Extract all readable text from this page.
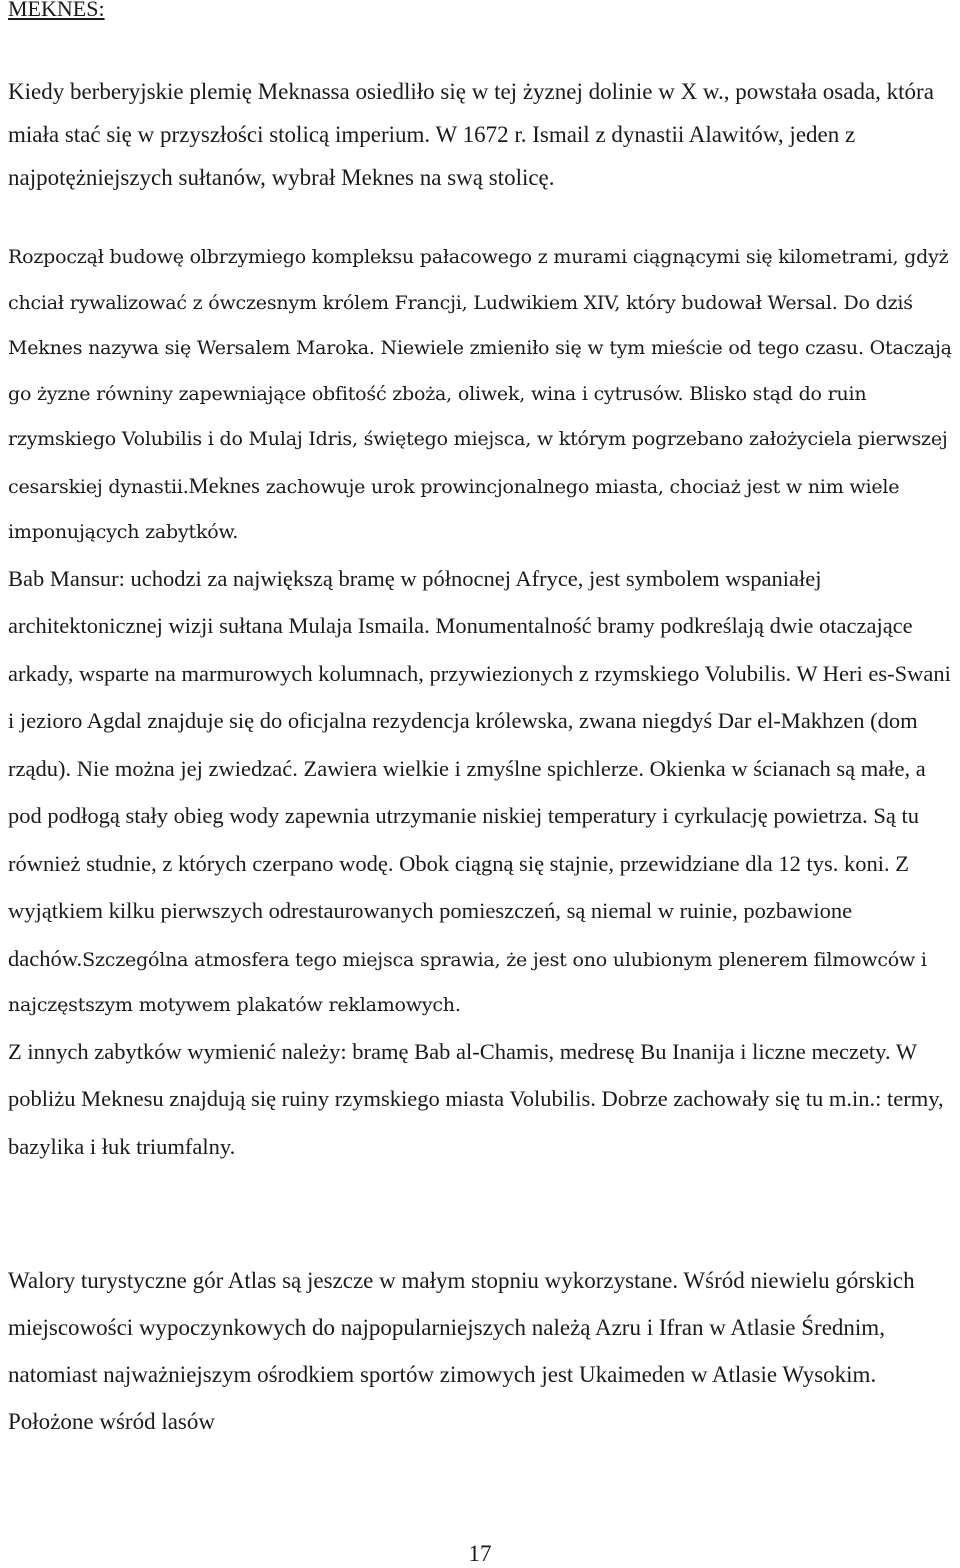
MEKNES:

Kiedy berberyjskie plemię Meknassa osiedliło się w tej żyznej dolinie w X w., powstała osada, która miała stać się w przyszłości stolicą imperium. W 1672 r. Ismail z dynastii Alawitów, jeden z najpotężniejszych sułtanów, wybrał Meknes na swą stolicę.

Rozpoczął budowę olbrzymiego kompleksu pałacowego z murami ciągnącymi się kilometrami, gdyż chciał rywalizować z ówczesnym królem Francji, Ludwikiem XIV, który budował Wersal. Do dziś Meknes nazywa się Wersalem Maroka. Niewiele zmieniło się w tym mieście od tego czasu. Otaczają go żyzne równiny zapewniające obfitość zboża, oliwek, wina i cytrusów. Blisko stąd do ruin rzymskiego Volubilis i do Mulaj Idris, świętego miejsca, w którym pogrzebano założyciela pierwszej cesarskiej dynastii.Meknes zachowuje urok prowincjonalnego miasta, chociaż jest w nim wiele imponujących zabytków.
Bab Mansur: uchodzi za największą bramę w północnej Afryce, jest symbolem wspaniałej architektonicznej wizji sułtana Mulaja Ismaila. Monumentalność bramy podkreślają dwie otaczające arkady, wsparte na marmurowych kolumnach, przywiezionych z rzymskiego Volubilis. W Heri es-Swani i jezioro Agdal znajduje się do oficjalna rezydencja królewska, zwana niegdyś Dar el-Makhzen (dom rządu). Nie można jej zwiedzać. Zawiera wielkie i zmyślne spichlerze. Okienka w ścianach są małe, a pod podłogą stały obieg wody zapewnia utrzymanie niskiej temperatury i cyrkulację powietrza. Są tu również studnie, z których czerpano wodę. Obok ciągną się stajnie, przewidziane dla 12 tys. koni. Z wyjątkiem kilku pierwszych odrestaurowanych pomieszczeń, są niemal w ruinie, pozbawione dachów.Szczególna atmosfera tego miejsca sprawia, że jest ono ulubionym plenerem filmowców i najczęstszym motywem plakatów reklamowych.
Z innych zabytków wymienić należy: bramę Bab al-Chamis, medresę Bu Inanija i liczne meczety. W pobliżu Meknesu znajdują się ruiny rzymskiego miasta Volubilis. Dobrze zachowały się tu m.in.: termy, bazylika i łuk triumfalny.

Walory turystyczne gór Atlas są jeszcze w małym stopniu wykorzystane. Wśród niewielu górskich miejscowości wypoczynkowych do najpopularniejszych należą Azru i Ifran w Atlasie Średnim, natomiast najważniejszym ośrodkiem sportów zimowych jest Ukaimeden w Atlasie Wysokim. Położone wśród lasów

17
